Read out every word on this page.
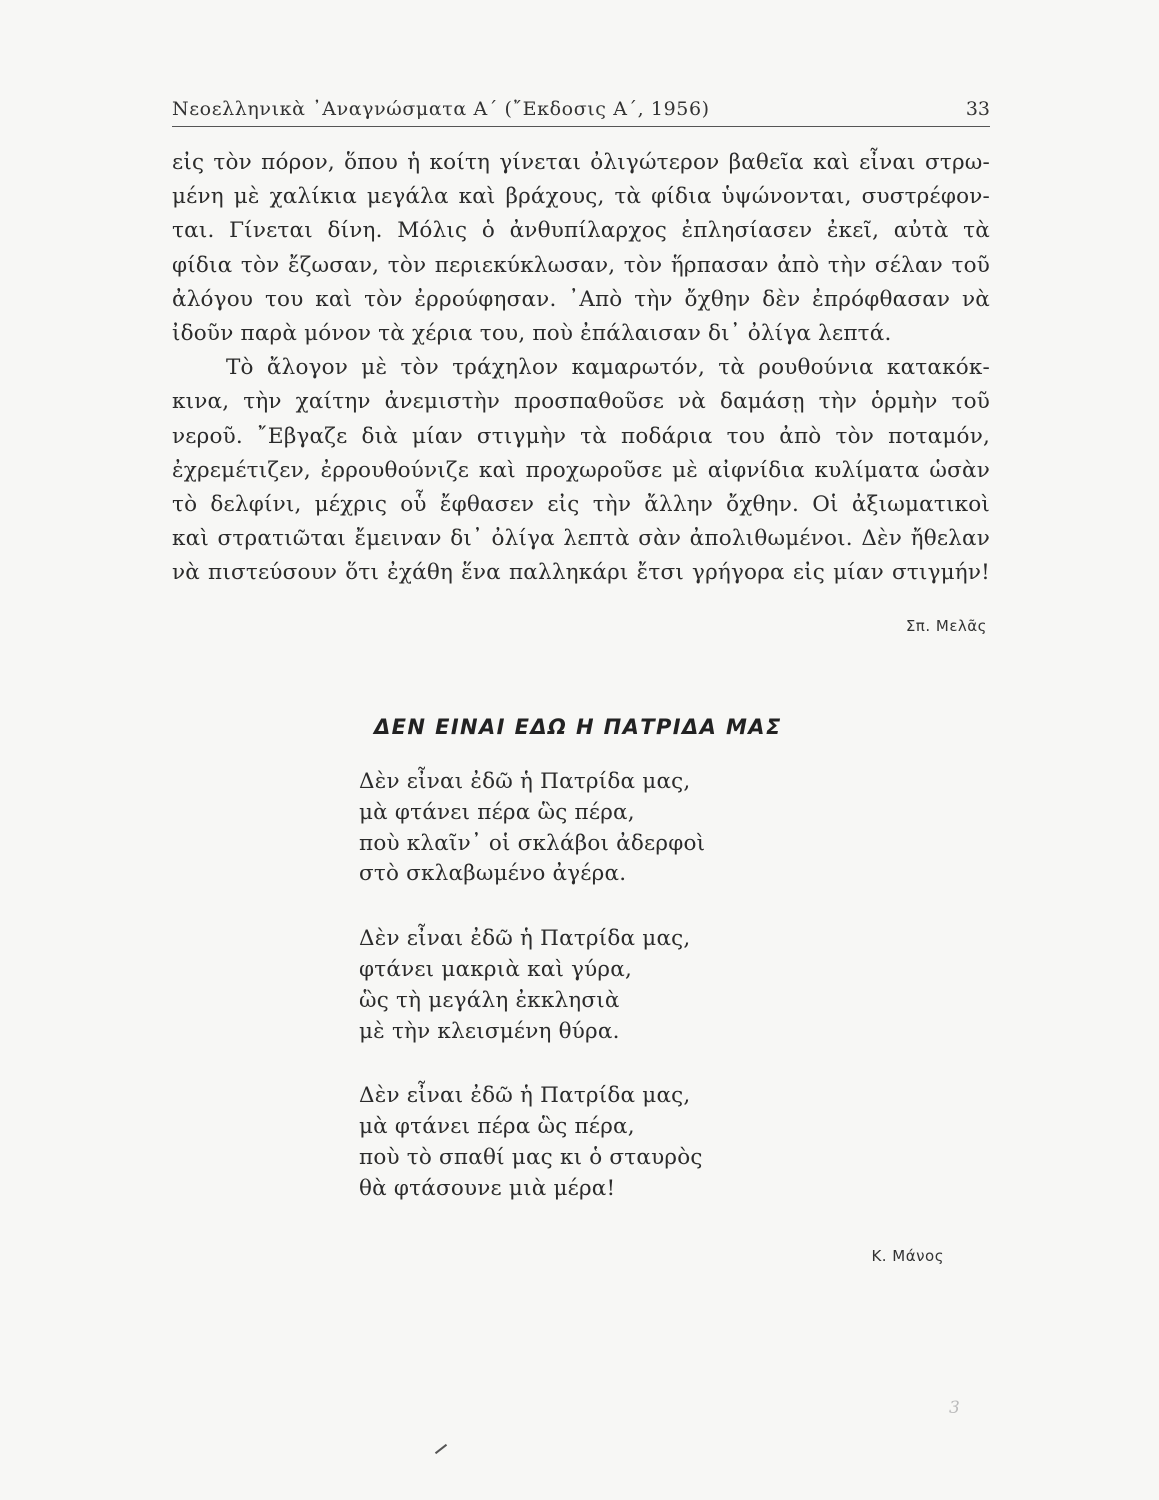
Νεοελληνικὰ ᾿Αναγνώσματα Α΄ (῎Εκδοσις Α΄, 1956)	33
εἰς τὸν πόρον, ὅπου ἡ κοίτη γίνεται ὀλιγώτερον βαθεῖα καὶ εἶναι στρω-
μένη μὲ χαλίκια μεγάλα καὶ βράχους, τὰ φίδια ὑψώνονται, συστρέφον-
ται. Γίνεται δίνη. Μόλις ὁ ἀνθυπίλαρχος ἐπλησίασεν ἐκεῖ, αὐτὰ τὰ
φίδια τὸν ἔζωσαν, τὸν περιεκύκλωσαν, τὸν ἥρπασαν ἀπὸ τὴν σέλαν τοῦ
ἀλόγου του καὶ τὸν ἐρρούφησαν. ᾿Απὸ τὴν ὄχθην δὲν ἐπρόφθασαν νὰ
ἰδοῦν παρὰ μόνον τὰ χέρια του, ποὺ ἐπάλαισαν δι᾿ ὀλίγα λεπτά.
Τὸ ἄλογον μὲ τὸν τράχηλον καμαρωτόν, τὰ ρουθούνια κατακόκ-
κινα, τὴν χαίτην ἀνεμιστὴν προσπαθοῦσε νὰ δαμάσῃ τὴν ὁρμὴν τοῦ
νεροῦ. ῎Εβγαζε διὰ μίαν στιγμὴν τὰ ποδάρια του ἀπὸ τὸν ποταμόν,
ἐχρεμέτιζεν, ἐρρουθούνιζε καὶ προχωροῦσε μὲ αἰφνίδια κυλίματα ὡσὰν
τὸ δελφίνι, μέχρις οὗ ἔφθασεν εἰς τὴν ἄλλην ὄχθην. Οἱ ἀξιωματικοὶ
καὶ στρατιῶται ἔμειναν δι᾿ ὀλίγα λεπτὰ σὰν ἀπολιθωμένοι. Δὲν ἤθελαν
νὰ πιστεύσουν ὅτι ἐχάθη ἕνα παλληκάρι ἔτσι γρήγορα εἰς μίαν στιγμήν!
Σπ. Μελᾶς
ΔΕΝ ΕΙΝΑΙ ΕΔΩ Η ΠΑΤΡΙΔΑ ΜΑΣ
Δὲν εἶναι ἐδῶ ἡ Πατρίδα μας,
μὰ φτάνει πέρα ὣς πέρα,
ποὺ κλαῖν᾿ οἱ σκλάβοι ἀδερφοὶ
στὸ σκλαβωμένο ἀγέρα.
Δὲν εἶναι ἐδῶ ἡ Πατρίδα μας,
φτάνει μακριὰ καὶ γύρα,
ὣς τὴ μεγάλη ἐκκλησιὰ
μὲ τὴν κλεισμένη θύρα.
Δὲν εἶναι ἐδῶ ἡ Πατρίδα μας,
μὰ φτάνει πέρα ὣς πέρα,
ποὺ τὸ σπαθί μας κι ὁ σταυρὸς
θὰ φτάσουνε μιὰ μέρα!
Κ. Μάνος
3
